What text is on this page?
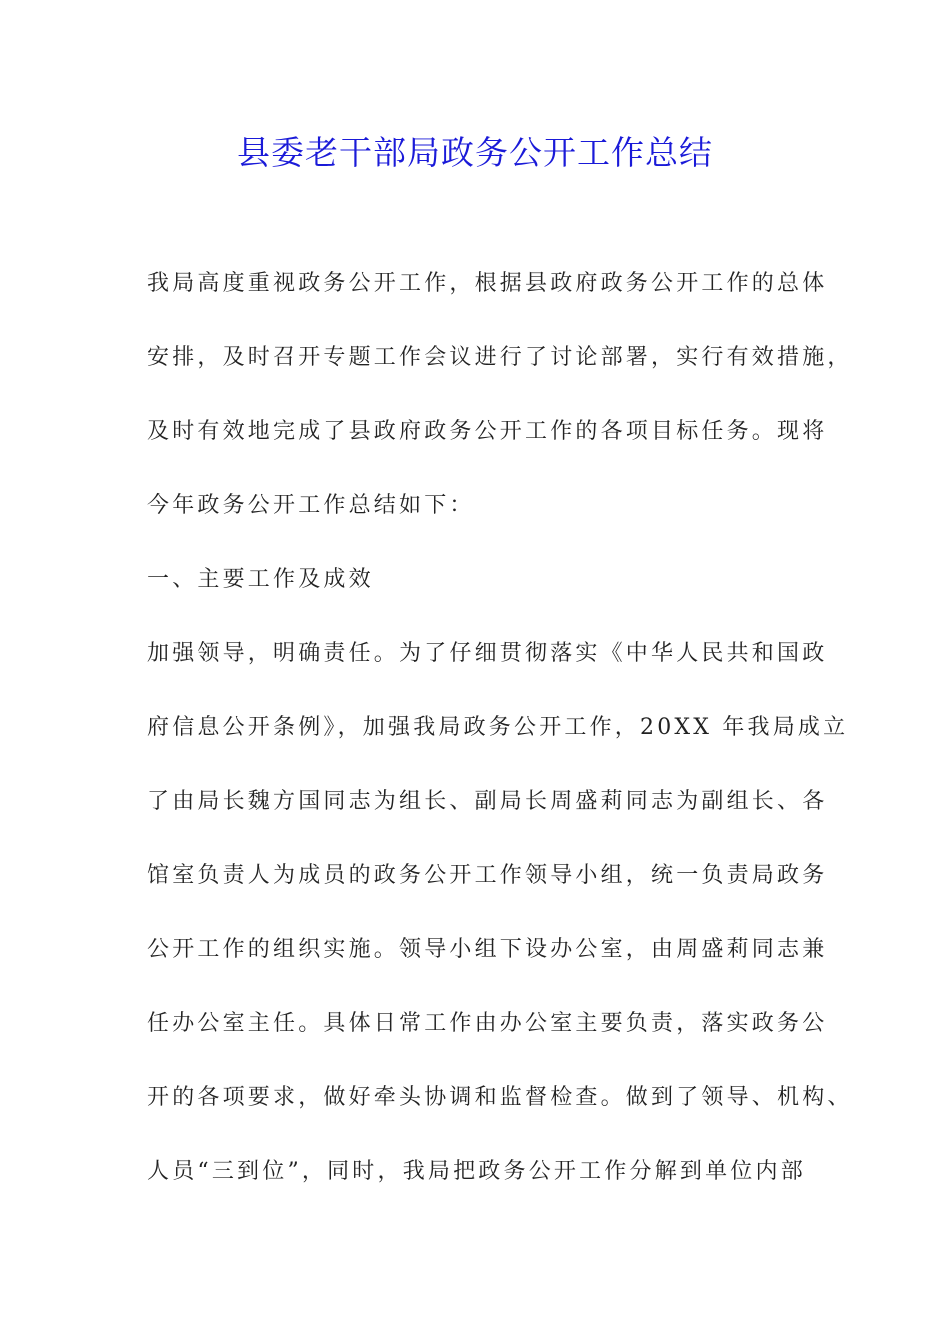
县委老干部局政务公开工作总结
我局高度重视政务公开工作，根据县政府政务公开工作的总体
安排，及时召开专题工作会议进行了讨论部署，实行有效措施，
及时有效地完成了县政府政务公开工作的各项目标任务。现将
今年政务公开工作总结如下：
一、主要工作及成效
加强领导，明确责任。为了仔细贯彻落实《中华人民共和国政
府信息公开条例》，加强我局政务公开工作，20XX 年我局成立
了由局长魏方国同志为组长、副局长周盛莉同志为副组长、各
馆室负责人为成员的政务公开工作领导小组，统一负责局政务
公开工作的组织实施。领导小组下设办公室，由周盛莉同志兼
任办公室主任。具体日常工作由办公室主要负责，落实政务公
开的各项要求，做好牵头协调和监督检查。做到了领导、机构、
人员“三到位”，同时，我局把政务公开工作分解到单位内部
